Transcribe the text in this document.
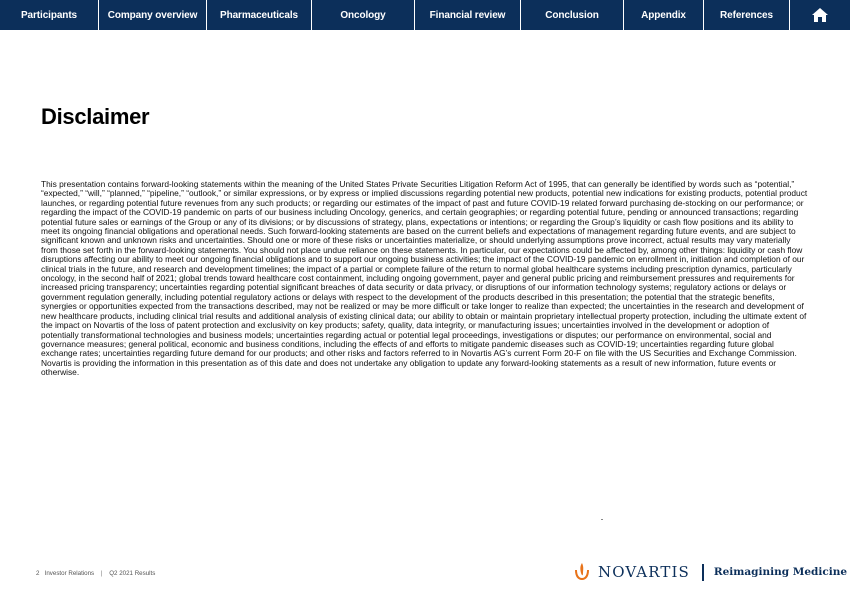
Participants	Company overview	Pharmaceuticals	Oncology	Financial review	Conclusion	Appendix	References
Disclaimer

This presentation contains forward-looking statements within the meaning of the United States Private Securities Litigation Reform Act of 1995, that can generally be identified by words such as “potential,” “expected,” “will,” “planned,” “pipeline,” “outlook,” or similar expressions, or by express or implied discussions regarding potential new products, potential new indications for existing products, potential product launches, or regarding potential future revenues from any such products; or regarding our estimates of the impact of past and future COVID-19 related forward purchasing de-stocking on our performance; or regarding the impact of the COVID-19 pandemic on parts of our business including Oncology, generics, and certain geographies; or regarding potential future, pending or announced transactions; regarding potential future sales or earnings of the Group or any of its divisions; or by discussions of strategy, plans, expectations or intentions; or regarding the Group’s liquidity or cash flow positions and its ability to meet its ongoing financial obligations and operational needs. Such forward-looking statements are based on the current beliefs and expectations of management regarding future events, and are subject to significant known and unknown risks and uncertainties. Should one or more of these risks or uncertainties materialize, or should underlying assumptions prove incorrect, actual results may vary materially from those set forth in the forward-looking statements. You should not place undue reliance on these statements. In particular, our expectations could be affected by, among other things: liquidity or cash flow disruptions affecting our ability to meet our ongoing financial obligations and to support our ongoing business activities; the impact of the COVID-19 pandemic on enrollment in, initiation and completion of our clinical trials in the future, and research and development timelines; the impact of a partial or complete failure of the return to normal global healthcare systems including prescription dynamics, particularly oncology, in the second half of 2021; global trends toward healthcare cost containment, including ongoing government, payer and general public pricing and reimbursement pressures and requirements for increased pricing transparency; uncertainties regarding potential significant breaches of data security or data privacy, or disruptions of our information technology systems; regulatory actions or delays or government regulation generally, including potential regulatory actions or delays with respect to the development of the products described in this presentation; the potential that the strategic benefits, synergies or opportunities expected from the transactions described, may not be realized or may be more difficult or take longer to realize than expected; the uncertainties in the research and development of new healthcare products, including clinical trial results and additional analysis of existing clinical data; our ability to obtain or maintain proprietary intellectual property protection, including the ultimate extent of the impact on Novartis of the loss of patent protection and exclusivity on key products; safety, quality, data integrity, or manufacturing issues; uncertainties involved in the development or adoption of potentially transformational technologies and business models; uncertainties regarding actual or potential legal proceedings, investigations or disputes; our performance on environmental, social and governance measures; general political, economic and business conditions, including the effects of and efforts to mitigate pandemic diseases such as COVID-19; uncertainties regarding future global exchange rates; uncertainties regarding future demand for our products; and other risks and factors referred to in Novartis AG’s current Form 20-F on file with the US Securities and Exchange Commission. Novartis is providing the information in this presentation as of this date and does not undertake any obligation to update any forward-looking statements as a result of new information, future events or otherwise.

2 Investor Relations | Q2 2021 Results	NOVARTIS Reimagining Medicine
